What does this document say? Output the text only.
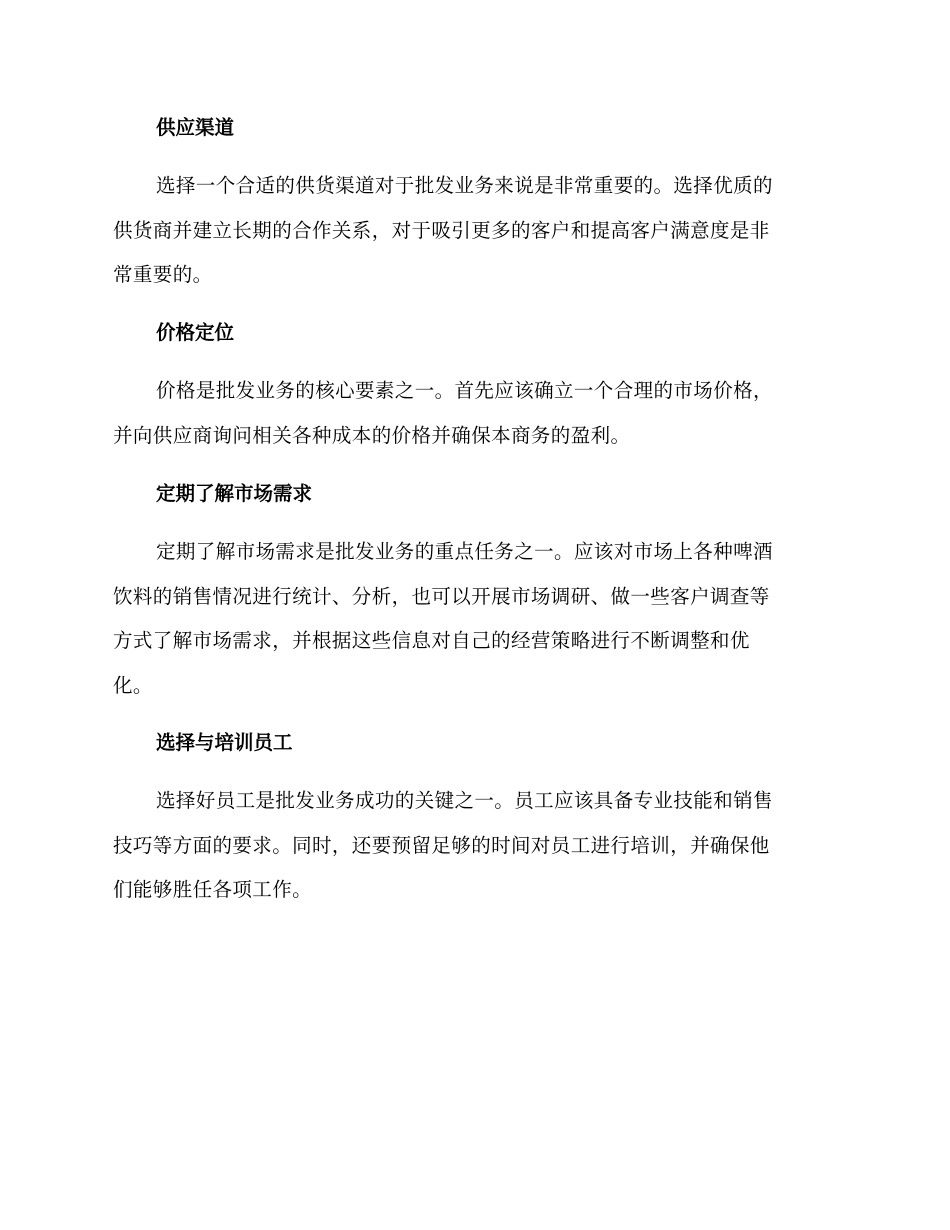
供应渠道

选择一个合适的供货渠道对于批发业务来说是非常重要的。选择优质的
供货商并建立长期的合作关系，对于吸引更多的客户和提高客户满意度是非
常重要的。

价格定位

价格是批发业务的核心要素之一。首先应该确立一个合理的市场价格，
并向供应商询问相关各种成本的价格并确保本商务的盈利。

定期了解市场需求

定期了解市场需求是批发业务的重点任务之一。应该对市场上各种啤酒
饮料的销售情况进行统计、分析，也可以开展市场调研、做一些客户调查等
方式了解市场需求，并根据这些信息对自己的经营策略进行不断调整和优
化。

选择与培训员工

选择好员工是批发业务成功的关键之一。员工应该具备专业技能和销售
技巧等方面的要求。同时，还要预留足够的时间对员工进行培训，并确保他
们能够胜任各项工作。
